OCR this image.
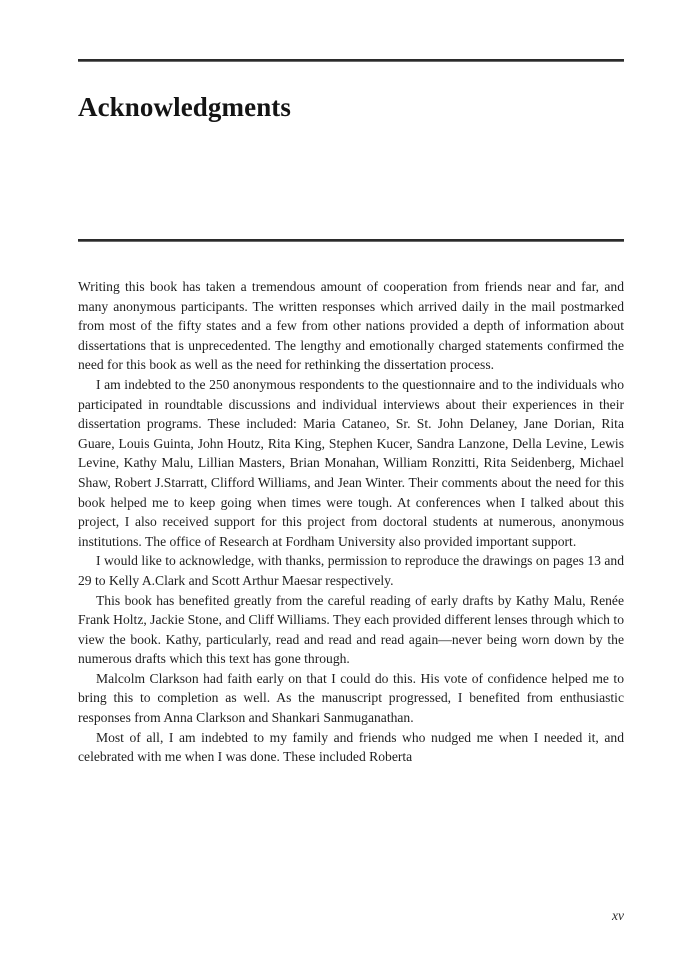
Acknowledgments

Writing this book has taken a tremendous amount of cooperation from friends near and far, and many anonymous participants. The written responses which arrived daily in the mail postmarked from most of the fifty states and a few from other nations provided a depth of information about dissertations that is unprecedented. The lengthy and emotionally charged statements confirmed the need for this book as well as the need for rethinking the dissertation process.

I am indebted to the 250 anonymous respondents to the questionnaire and to the individuals who participated in roundtable discussions and individual interviews about their experiences in their dissertation programs. These included: Maria Cataneo, Sr. St. John Delaney, Jane Dorian, Rita Guare, Louis Guinta, John Houtz, Rita King, Stephen Kucer, Sandra Lanzone, Della Levine, Lewis Levine, Kathy Malu, Lillian Masters, Brian Monahan, William Ronzitti, Rita Seidenberg, Michael Shaw, Robert J.Starratt, Clifford Williams, and Jean Winter. Their comments about the need for this book helped me to keep going when times were tough. At conferences when I talked about this project, I also received support for this project from doctoral students at numerous, anonymous institutions. The office of Research at Fordham University also provided important support.

I would like to acknowledge, with thanks, permission to reproduce the drawings on pages 13 and 29 to Kelly A.Clark and Scott Arthur Maesar respectively.

This book has benefited greatly from the careful reading of early drafts by Kathy Malu, Renée Frank Holtz, Jackie Stone, and Cliff Williams. They each provided different lenses through which to view the book. Kathy, particularly, read and read and read again—never being worn down by the numerous drafts which this text has gone through.

Malcolm Clarkson had faith early on that I could do this. His vote of confidence helped me to bring this to completion as well. As the manuscript progressed, I benefited from enthusiastic responses from Anna Clarkson and Shankari Sanmuganathan.

Most of all, I am indebted to my family and friends who nudged me when I needed it, and celebrated with me when I was done. These included Roberta

xv
